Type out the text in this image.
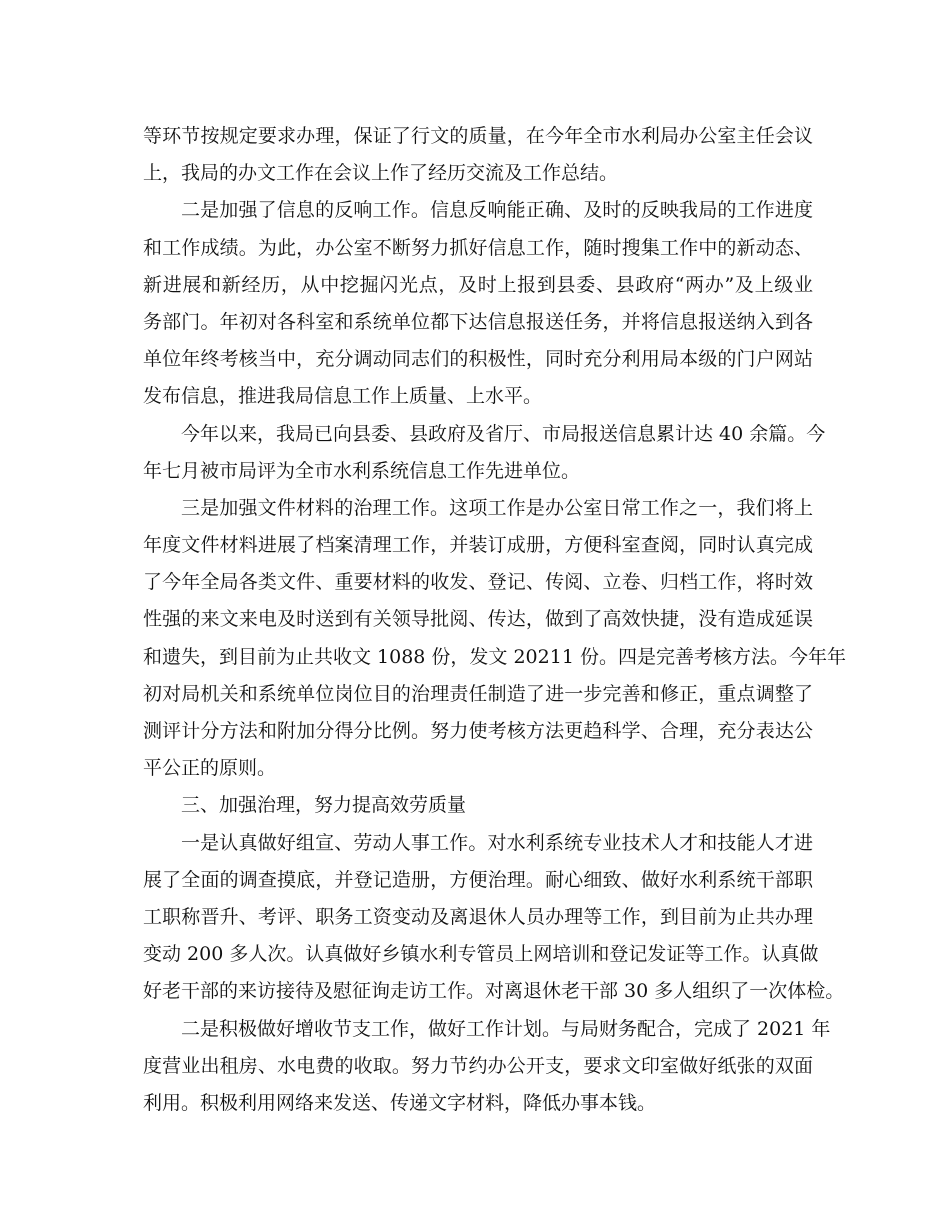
等环节按规定要求办理，保证了行文的质量，在今年全市水利局办公室主任会议
上，我局的办文工作在会议上作了经历交流及工作总结。
二是加强了信息的反响工作。信息反响能正确、及时的反映我局的工作进度
和工作成绩。为此，办公室不断努力抓好信息工作，随时搜集工作中的新动态、
新进展和新经历，从中挖掘闪光点，及时上报到县委、县政府“两办”及上级业
务部门。年初对各科室和系统单位都下达信息报送任务，并将信息报送纳入到各
单位年终考核当中，充分调动同志们的积极性，同时充分利用局本级的门户网站
发布信息，推进我局信息工作上质量、上水平。
今年以来，我局已向县委、县政府及省厅、市局报送信息累计达 40 余篇。今
年七月被市局评为全市水利系统信息工作先进单位。
三是加强文件材料的治理工作。这项工作是办公室日常工作之一，我们将上
年度文件材料进展了档案清理工作，并装订成册，方便科室查阅，同时认真完成
了今年全局各类文件、重要材料的收发、登记、传阅、立卷、归档工作，将时效
性强的来文来电及时送到有关领导批阅、传达，做到了高效快捷，没有造成延误
和遗失，到目前为止共收文 1088 份，发文 20211 份。四是完善考核方法。今年年
初对局机关和系统单位岗位目的治理责任制造了进一步完善和修正，重点调整了
测评计分方法和附加分得分比例。努力使考核方法更趋科学、合理，充分表达公
平公正的原则。
三、加强治理，努力提高效劳质量
一是认真做好组宣、劳动人事工作。对水利系统专业技术人才和技能人才进
展了全面的调查摸底，并登记造册，方便治理。耐心细致、做好水利系统干部职
工职称晋升、考评、职务工资变动及离退休人员办理等工作，到目前为止共办理
变动 200 多人次。认真做好乡镇水利专管员上网培训和登记发证等工作。认真做
好老干部的来访接待及慰征询走访工作。对离退休老干部 30 多人组织了一次体检。
二是积极做好增收节支工作，做好工作计划。与局财务配合，完成了 2021 年
度营业出租房、水电费的收取。努力节约办公开支，要求文印室做好纸张的双面
利用。积极利用网络来发送、传递文字材料，降低办事本钱。
